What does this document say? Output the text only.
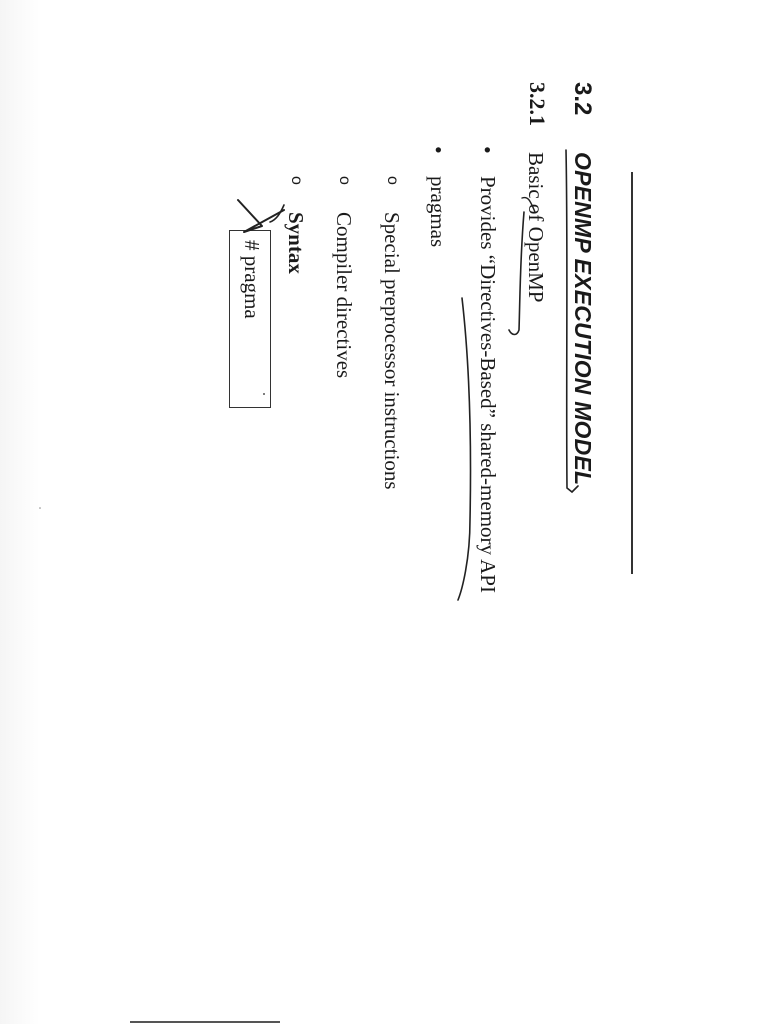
3.2
OPENMP EXECUTION MODEL
3.2.1
Basic of OpenMP
•
Provides “Directives-Based” shared-memory API
•
pragmas
o
Special preprocessor instructions
o
Compiler directives
o
Syntax
# pragma
